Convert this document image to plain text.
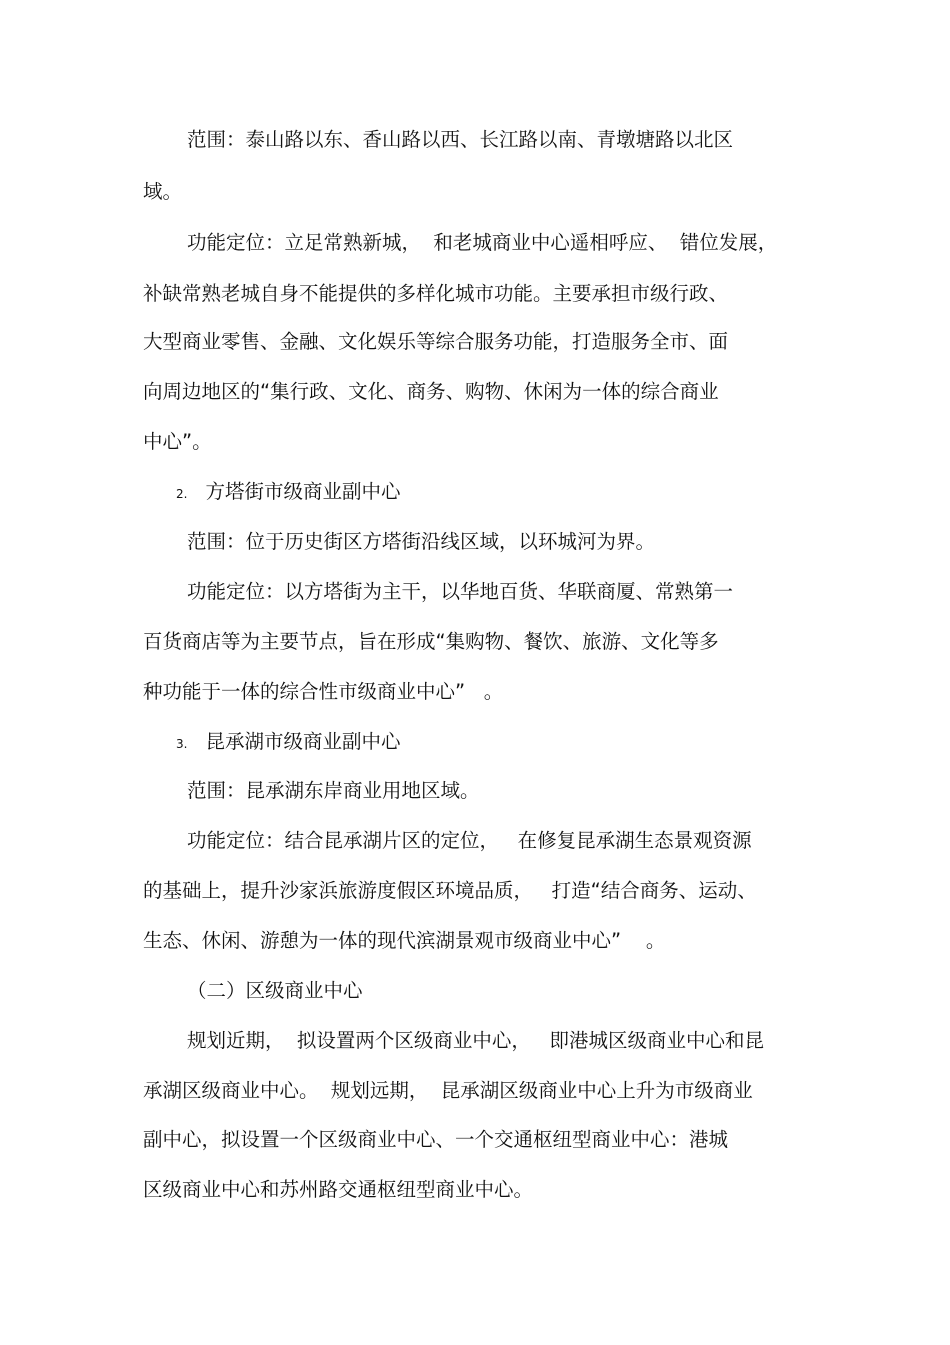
范围：泰山路以东、香山路以西、长江路以南、青墩塘路以北区
域。
功能定位：立足常熟新城，  和老城商业中心遥相呼应、  错位发展，
补缺常熟老城自身不能提供的多样化城市功能。主要承担市级行政、
大型商业零售、金融、文化娱乐等综合服务功能，打造服务全市、面
向周边地区的“集行政、文化、商务、购物、休闲为一体的综合商业
中心”。
2. 方塔街市级商业副中心
范围：位于历史街区方塔街沿线区域，以环城河为界。
功能定位：以方塔街为主干，以华地百货、华联商厦、常熟第一
百货商店等为主要节点，旨在形成“集购物、餐饮、旅游、文化等多
种功能于一体的综合性市级商业中心”   。
3. 昆承湖市级商业副中心
范围：昆承湖东岸商业用地区域。
功能定位：结合昆承湖片区的定位，   在修复昆承湖生态景观资源
的基础上，提升沙家浜旅游度假区环境品质，   打造“结合商务、运动、
生态、休闲、游憩为一体的现代滨湖景观市级商业中心”    。
（二）区级商业中心
规划近期，  拟设置两个区级商业中心，   即港城区级商业中心和昆
承湖区级商业中心。  规划远期，  昆承湖区级商业中心上升为市级商业
副中心，拟设置一个区级商业中心、一个交通枢纽型商业中心：港城
区级商业中心和苏州路交通枢纽型商业中心。
